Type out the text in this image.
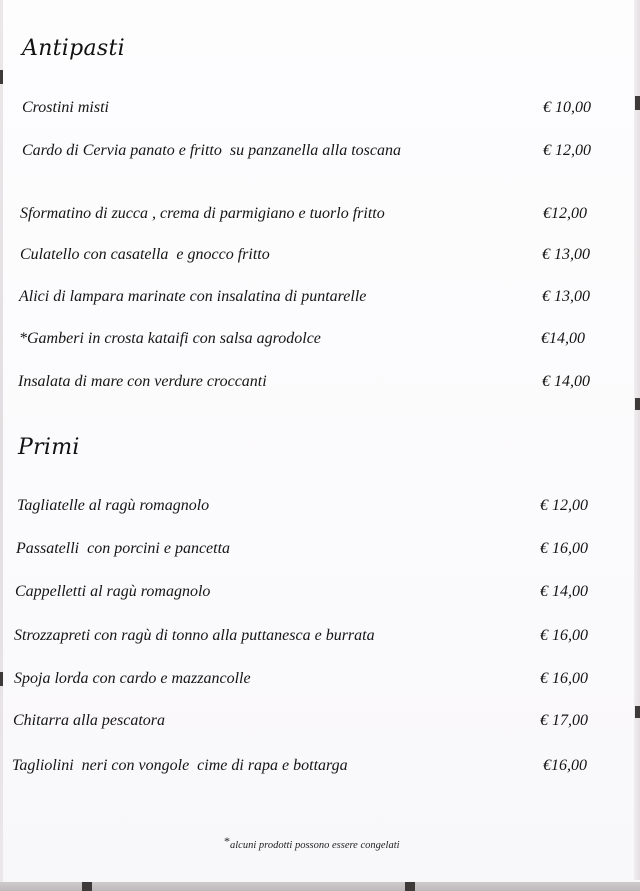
Antipasti
Crostini misti	€ 10,00
Cardo di Cervia panato e fritto  su panzanella alla toscana	€ 12,00
Sformatino di zucca , crema di parmigiano e tuorlo fritto	€12,00
Culatello con casatella  e gnocco fritto	€ 13,00
Alici di lampara marinate con insalatina di puntarelle	€ 13,00
*Gamberi in crosta kataifi con salsa agrodolce	€14,00
Insalata di mare con verdure croccanti	€ 14,00
Primi
Tagliatelle al ragù romagnolo	€ 12,00
Passatelli  con porcini e pancetta	€ 16,00
Cappelletti al ragù romagnolo	€ 14,00
Strozzapreti con ragù di tonno alla puttanesca e burrata	€ 16,00
Spoja lorda con cardo e mazzancolle	€ 16,00
Chitarra alla pescatora	€ 17,00
Tagliolini  neri con vongole  cime di rapa e bottarga	€16,00
*alcuni prodotti possono essere congelati
